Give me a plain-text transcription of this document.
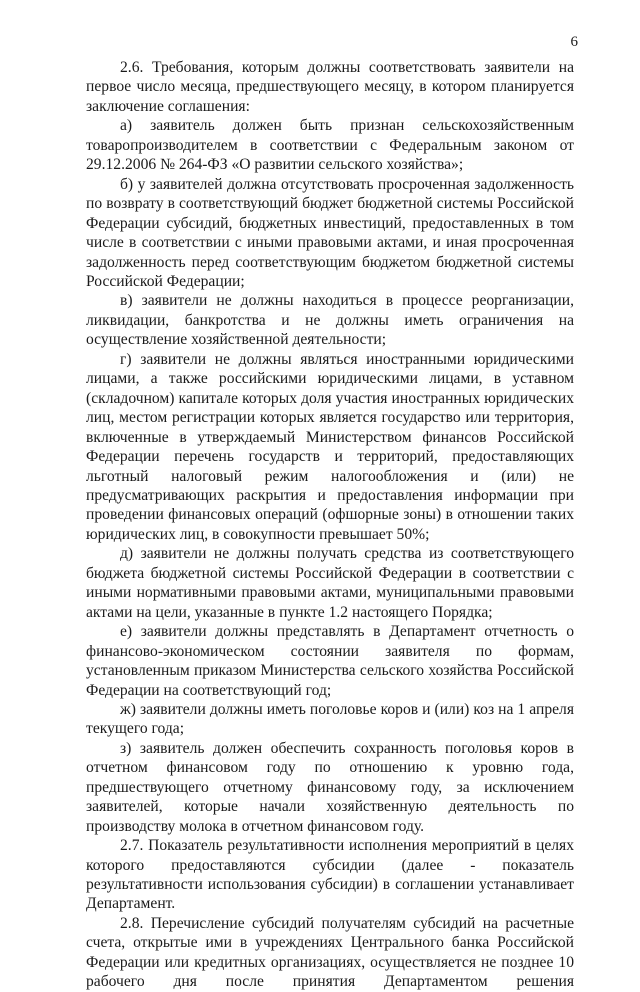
6

2.6. Требования, которым должны соответствовать заявители на первое число месяца, предшествующего месяцу, в котором планируется заключение соглашения:

а) заявитель должен быть признан сельскохозяйственным товаропроизводителем в соответствии с Федеральным законом от 29.12.2006 № 264-ФЗ «О развитии сельского хозяйства»;

б) у заявителей должна отсутствовать просроченная задолженность по возврату в соответствующий бюджет бюджетной системы Российской Федерации субсидий, бюджетных инвестиций, предоставленных в том числе в соответствии с иными правовыми актами, и иная просроченная задолженность перед соответствующим бюджетом бюджетной системы Российской Федерации;

в) заявители не должны находиться в процессе реорганизации, ликвидации, банкротства и не должны иметь ограничения на осуществление хозяйственной деятельности;

г) заявители не должны являться иностранными юридическими лицами, а также российскими юридическими лицами, в уставном (складочном) капитале которых доля участия иностранных юридических лиц, местом регистрации которых является государство или территория, включенные в утверждаемый Министерством финансов Российской Федерации перечень государств и территорий, предоставляющих льготный налоговый режим налогообложения и (или) не предусматривающих раскрытия и предоставления информации при проведении финансовых операций (офшорные зоны) в отношении таких юридических лиц, в совокупности превышает 50%;

д) заявители не должны получать средства из соответствующего бюджета бюджетной системы Российской Федерации в соответствии с иными нормативными правовыми актами, муниципальными правовыми актами на цели, указанные в пункте 1.2 настоящего Порядка;

е) заявители должны представлять в Департамент отчетность о финансово-экономическом состоянии заявителя по формам, установленным приказом Министерства сельского хозяйства Российской Федерации на соответствующий год;

ж) заявители должны иметь поголовье коров и (или) коз на 1 апреля текущего года;

з) заявитель должен обеспечить сохранность поголовья коров в отчетном финансовом году по отношению к уровню года, предшествующего отчетному финансовому году, за исключением заявителей, которые начали хозяйственную деятельность по производству молока в отчетном финансовом году.

2.7. Показатель результативности исполнения мероприятий в целях которого предоставляются субсидии (далее - показатель результативности использования субсидии) в соглашении устанавливает Департамент.

2.8. Перечисление субсидий получателям субсидий на расчетные счета, открытые ими в учреждениях Центрального банка Российской Федерации или кредитных организациях, осуществляется не позднее 10 рабочего дня после принятия Департаментом решения
